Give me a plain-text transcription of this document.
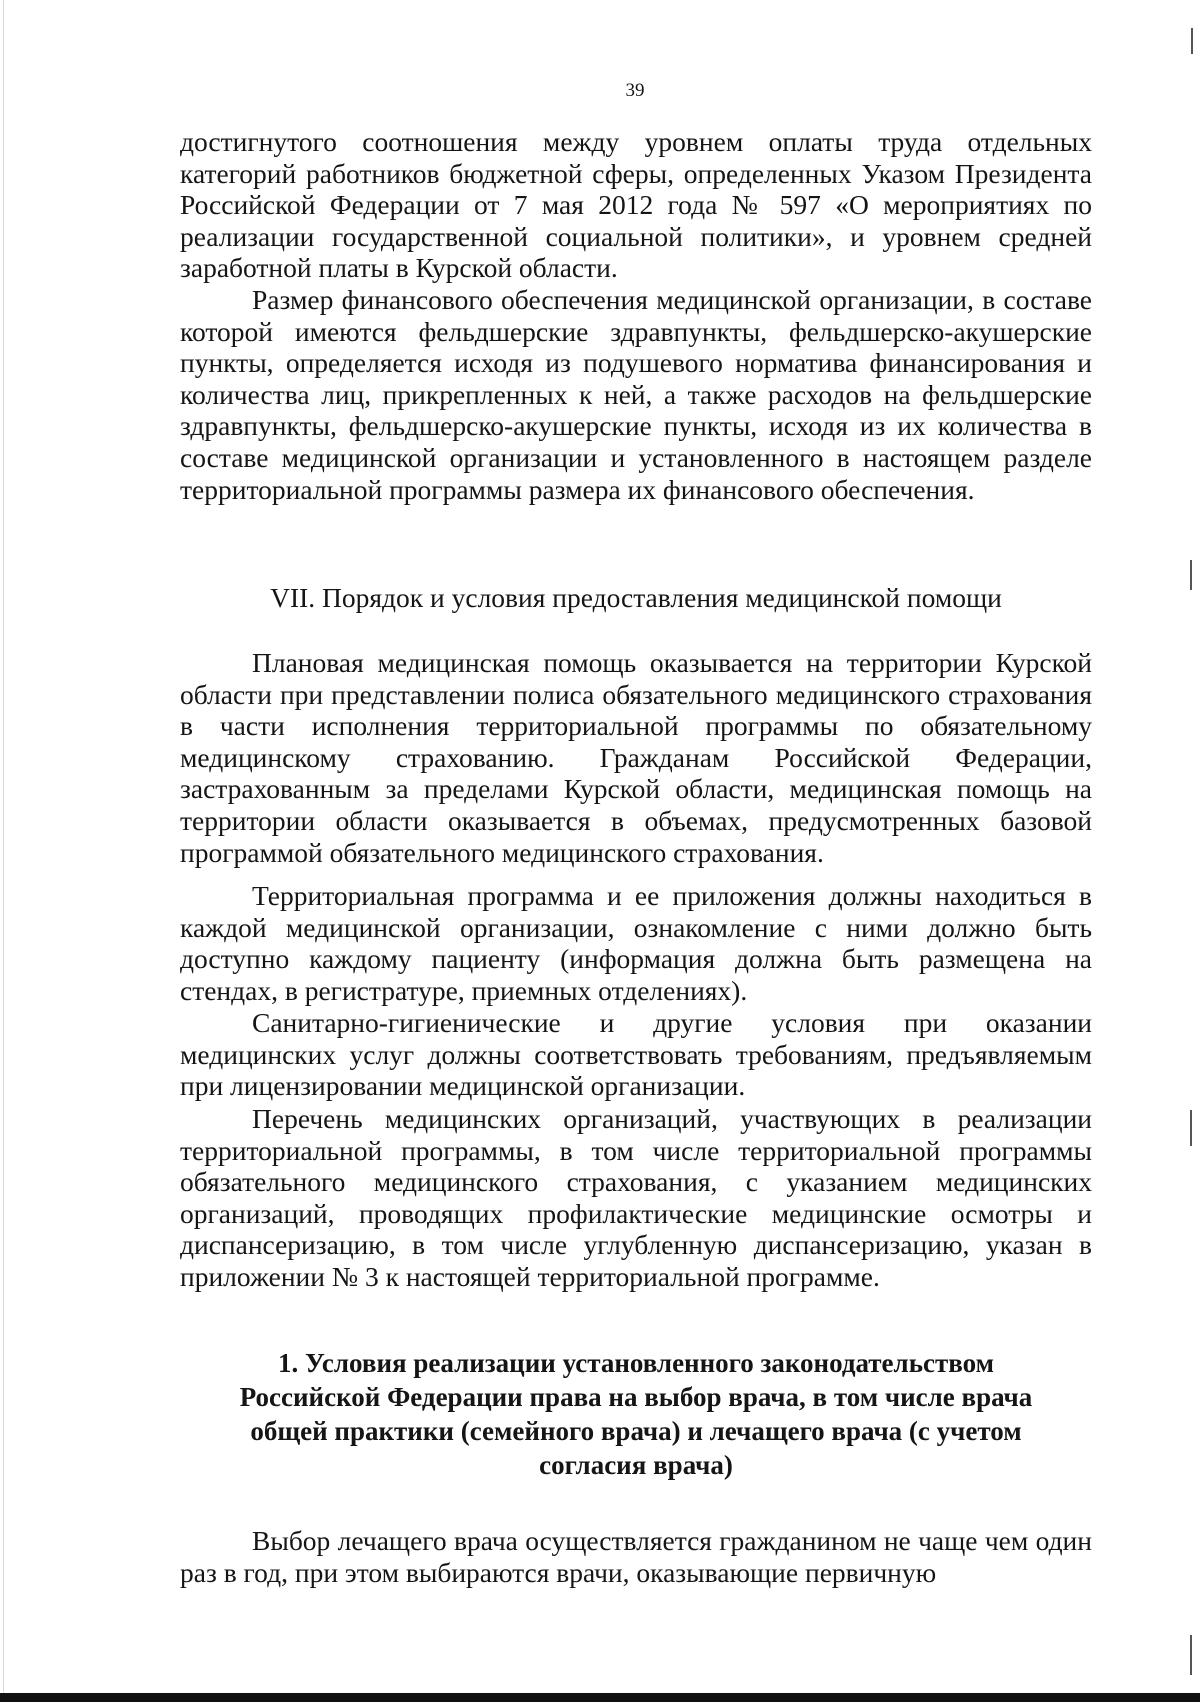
39

достигнутого соотношения между уровнем оплаты труда отдельных категорий работников бюджетной сферы, определенных Указом Президента Российской Федерации от 7 мая 2012 года № 597 «О мероприятиях по реализации государственной социальной политики», и уровнем средней заработной платы в Курской области.

Размер финансового обеспечения медицинской организации, в составе которой имеются фельдшерские здравпункты, фельдшерско-акушерские пункты, определяется исходя из подушевого норматива финансирования и количества лиц, прикрепленных к ней, а также расходов на фельдшерские здравпункты, фельдшерско-акушерские пункты, исходя из их количества в составе медицинской организации и установленного в настоящем разделе территориальной программы размера их финансового обеспечения.

VII. Порядок и условия предоставления медицинской помощи

Плановая медицинская помощь оказывается на территории Курской области при представлении полиса обязательного медицинского страхования в части исполнения территориальной программы по обязательному медицинскому страхованию. Гражданам Российской Федерации, застрахованным за пределами Курской области, медицинская помощь на территории области оказывается в объемах, предусмотренных базовой программой обязательного медицинского страхования.

Территориальная программа и ее приложения должны находиться в каждой медицинской организации, ознакомление с ними должно быть доступно каждому пациенту (информация должна быть размещена на стендах, в регистратуре, приемных отделениях).

Санитарно-гигиенические и другие условия при оказании медицинских услуг должны соответствовать требованиям, предъявляемым при лицензировании медицинской организации.

Перечень медицинских организаций, участвующих в реализации территориальной программы, в том числе территориальной программы обязательного медицинского страхования, с указанием медицинских организаций, проводящих профилактические медицинские осмотры и диспансеризацию, в том числе углубленную диспансеризацию, указан в приложении № 3 к настоящей территориальной программе.

1. Условия реализации установленного законодательством
Российской Федерации права на выбор врача, в том числе врача
общей практики (семейного врача) и лечащего врача (с учетом
согласия врача)

Выбор лечащего врача осуществляется гражданином не чаще чем один раз в год, при этом выбираются врачи, оказывающие первичную
